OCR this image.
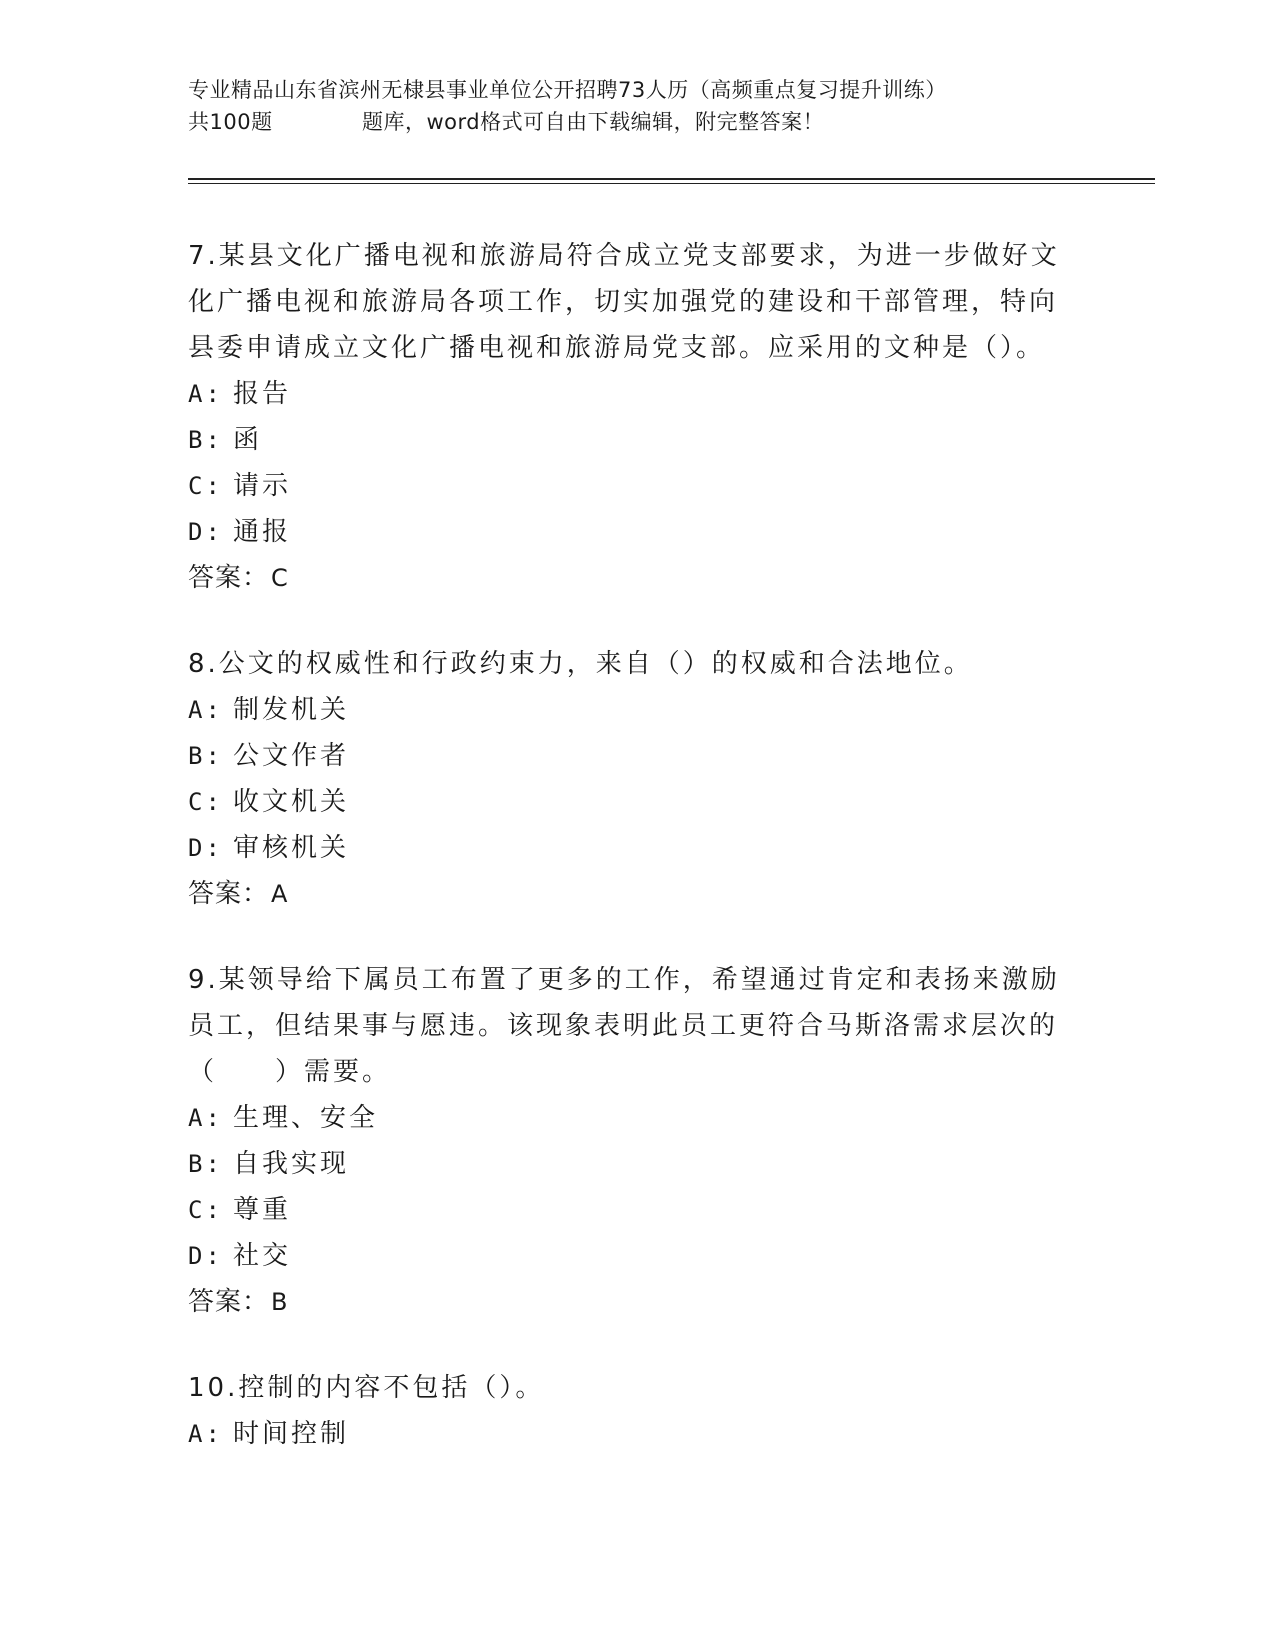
专业精品山东省滨州无棣县事业单位公开招聘73人历（高频重点复习提升训练）
共100题	题库，word格式可自由下载编辑，附完整答案！

7.某县文化广播电视和旅游局符合成立党支部要求，为进一步做好文化广播电视和旅游局各项工作，切实加强党的建设和干部管理，特向县委申请成立文化广播电视和旅游局党支部。应采用的文种是（）。

A: 报告
B: 函
C: 请示
D: 通报
答案：C

8.公文的权威性和行政约束力，来自（）的权威和合法地位。

A: 制发机关
B: 公文作者
C: 收文机关
D: 审核机关
答案：A

9.某领导给下属员工布置了更多的工作，希望通过肯定和表扬来激励员工，但结果事与愿违。该现象表明此员工更符合马斯洛需求层次的（　　）需要。

A: 生理、安全
B: 自我实现
C: 尊重
D: 社交
答案：B

10.控制的内容不包括（）。

A: 时间控制
